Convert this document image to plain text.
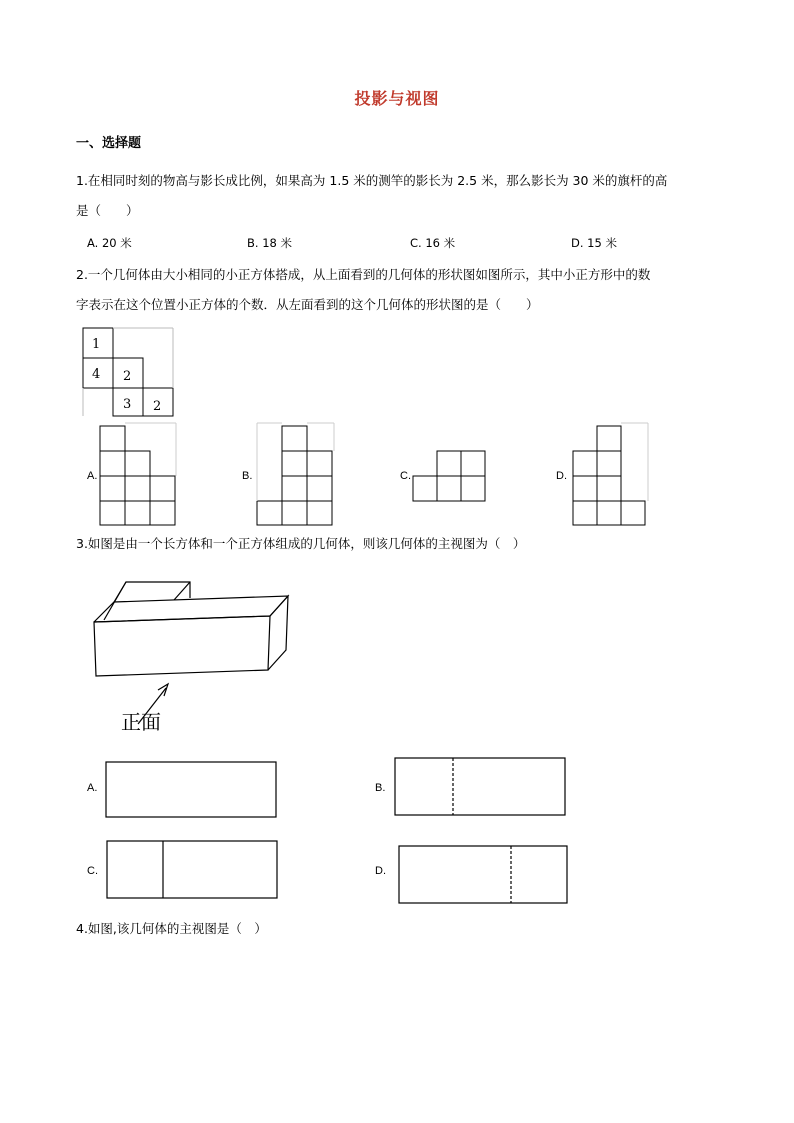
投影与视图
一、选择题
1.在相同时刻的物高与影长成比例，如果高为 1.5 米的测竿的影长为 2.5 米，那么影长为 30 米的旗杆的高
是（　　）
A. 20 米	B. 18 米	C. 16 米	D. 15 米
2.一个几何体由大小相同的小正方体搭成，从上面看到的几何体的形状图如图所示，其中小正方形中的数
字表示在这个位置小正方体的个数．从左面看到的这个几何体的形状图的是（　　）
1
4 2
3 2
A.	B.	C.	D.
3.如图是由一个长方体和一个正方体组成的几何体，则该几何体的主视图为（　）
正面
A.	B.
C.	D.
4.如图,该几何体的主视图是（　）
